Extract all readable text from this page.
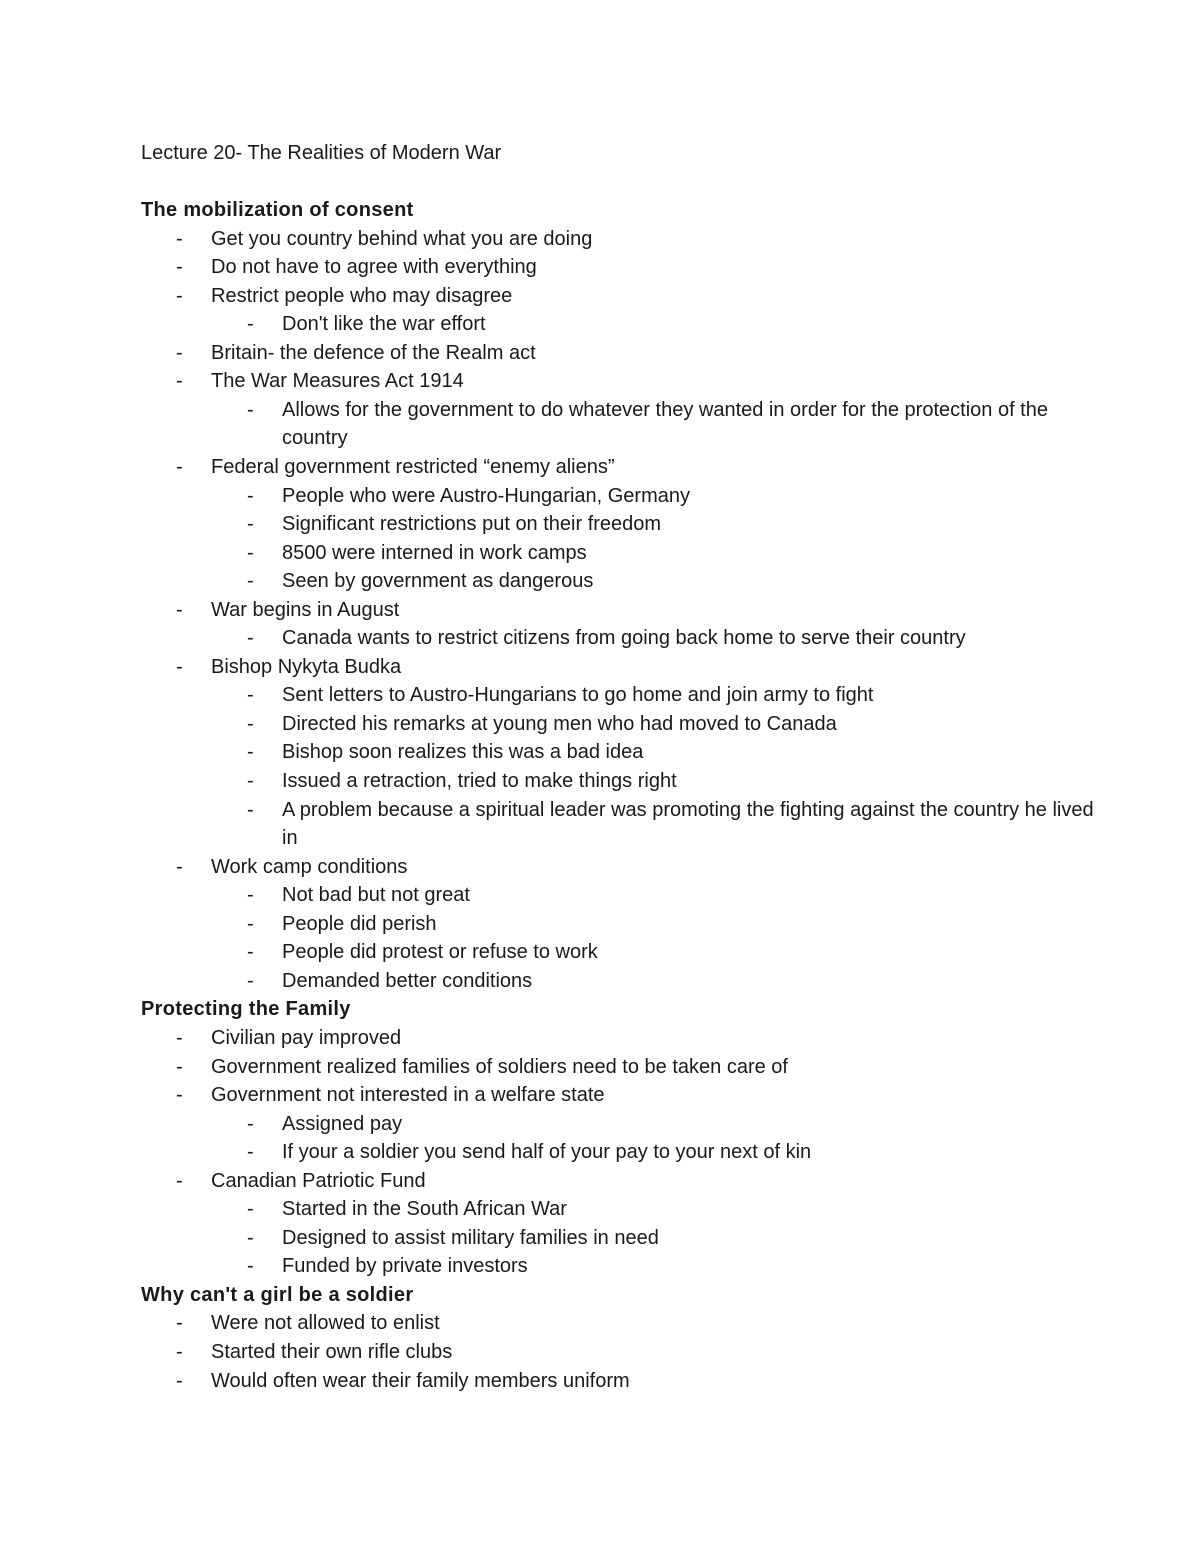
Lecture 20- The Realities of Modern War
The mobilization of consent
- Get you country behind what you are doing
- Do not have to agree with everything
- Restrict people who may disagree
- Don't like the war effort
- Britain- the defence of the Realm act
- The War Measures Act 1914
- Allows for the government to do whatever they wanted in order for the protection of the country
- Federal government restricted “enemy aliens”
- People who were Austro-Hungarian, Germany
- Significant restrictions put on their freedom
- 8500 were interned in work camps
- Seen by government as dangerous
- War begins in August
- Canada wants to restrict citizens from going back home to serve their country
- Bishop Nykyta Budka
- Sent letters to Austro-Hungarians to go home and join army to fight
- Directed his remarks at young men who had moved to Canada
- Bishop soon realizes this was a bad idea
- Issued a retraction, tried to make things right
- A problem because a spiritual leader was promoting the fighting against the country he lived in
- Work camp conditions
- Not bad but not great
- People did perish
- People did protest or refuse to work
- Demanded better conditions
Protecting the Family
- Civilian pay improved
- Government realized families of soldiers need to be taken care of
- Government not interested in a welfare state
- Assigned pay
- If your a soldier you send half of your pay to your next of kin
- Canadian Patriotic Fund
- Started in the South African War
- Designed to assist military families in need
- Funded by private investors
Why can't a girl be a soldier
- Were not allowed to enlist
- Started their own rifle clubs
- Would often wear their family members uniform
